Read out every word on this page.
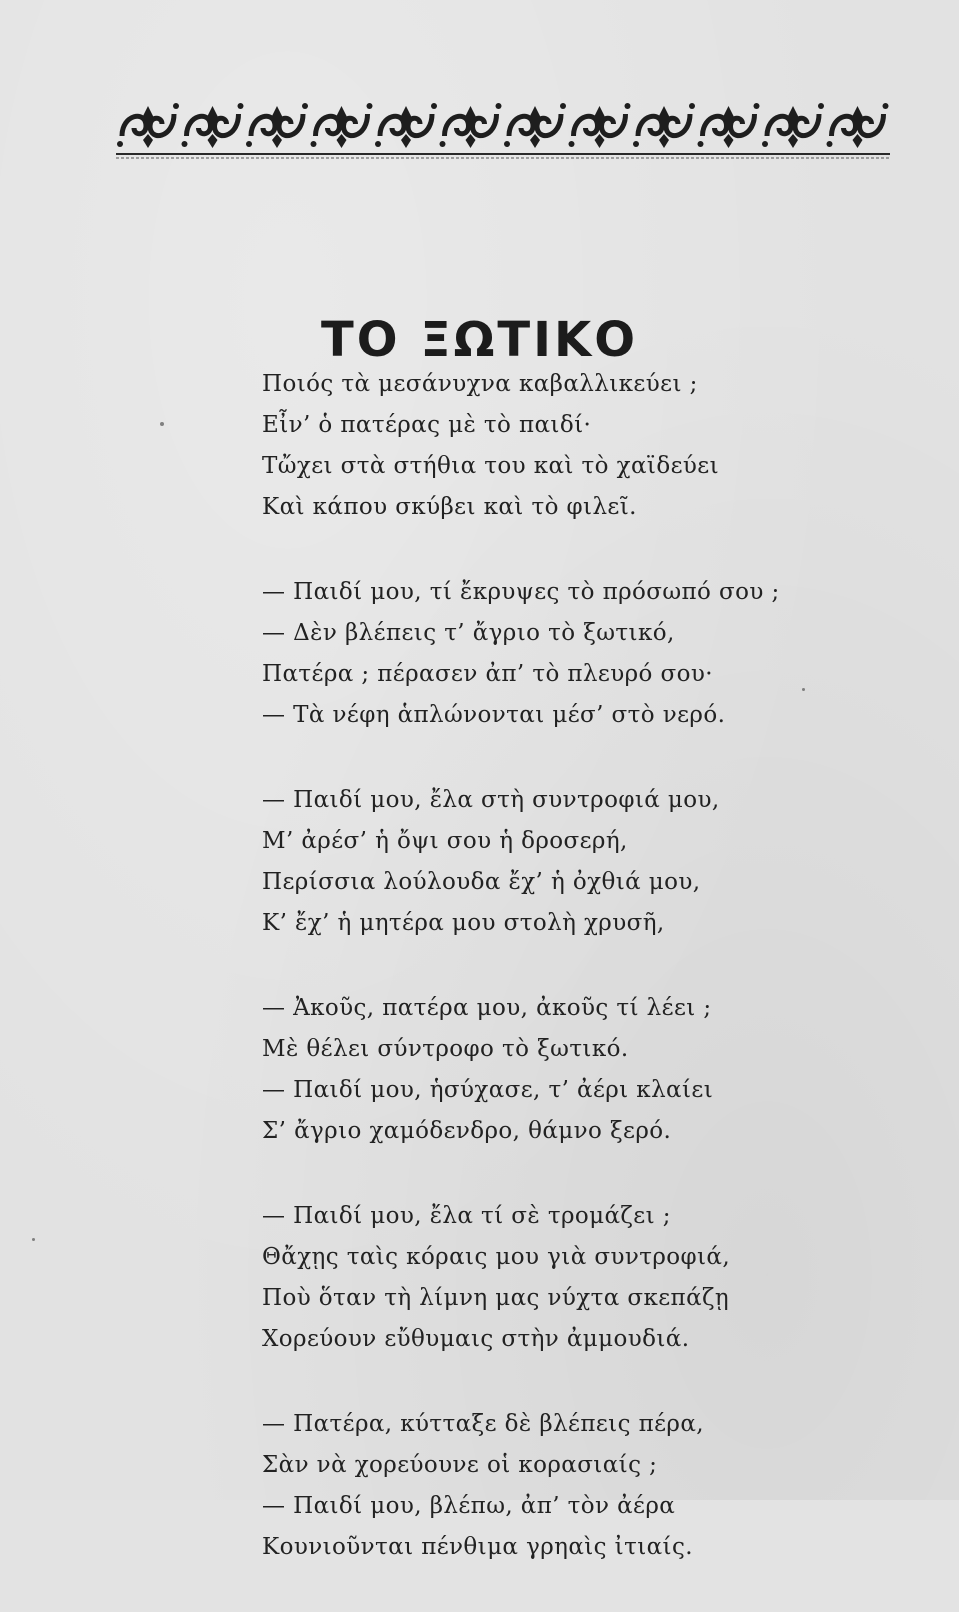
ΤΟ ΞΩΤΙΚΟ
Ποιός τὰ μεσάνυχνα καβαλλικεύει ;
Εἶν’ ὁ πατέρας μὲ τὸ παιδί·
Τὤχει στὰ στήθια του καὶ τὸ χαϊδεύει
Καὶ κάπου σκύβει καὶ τὸ φιλεῖ.
— Παιδί μου, τί ἔκρυψες τὸ πρόσωπό σου ;
— Δὲν βλέπεις τ’ ἄγριο τὸ ξωτικό,
Πατέρα ; πέρασεν ἀπ’ τὸ πλευρό σου·
— Τὰ νέφη ἁπλώνονται μέσ’ στὸ νερό.
— Παιδί μου, ἔλα στὴ συντροφιά μου,
Μ’ ἀρέσ’ ἡ ὄψι σου ἡ δροσερή,
Περίσσια λούλουδα ἔχ’ ἡ ὀχθιά μου,
Κ’ ἔχ’ ἡ μητέρα μου στολὴ χρυσῆ,
— Ἀκοῦς, πατέρα μου, ἀκοῦς τί λέει ;
Μὲ θέλει σύντροφο τὸ ξωτικό.
— Παιδί μου, ἡσύχασε, τ’ ἀέρι κλαίει
Σ’ ἄγριο χαμόδενδρο, θάμνο ξερό.
— Παιδί μου, ἔλα τί σὲ τρομάζει ;
Θἄχῃς ταὶς κόραις μου γιὰ συντροφιά,
Ποὺ ὅταν τὴ λίμνη μας νύχτα σκεπάζῃ
Χορεύουν εὔθυμαις στὴν ἀμμουδιά.
— Πατέρα, κύτταξε δὲ βλέπεις πέρα,
Σὰν νὰ χορεύουνε οἱ κορασιαίς ;
— Παιδί μου, βλέπω, ἀπ’ τὸν ἀέρα
Κουνιοῦνται πένθιμα γρηαὶς ἰτιαίς.
